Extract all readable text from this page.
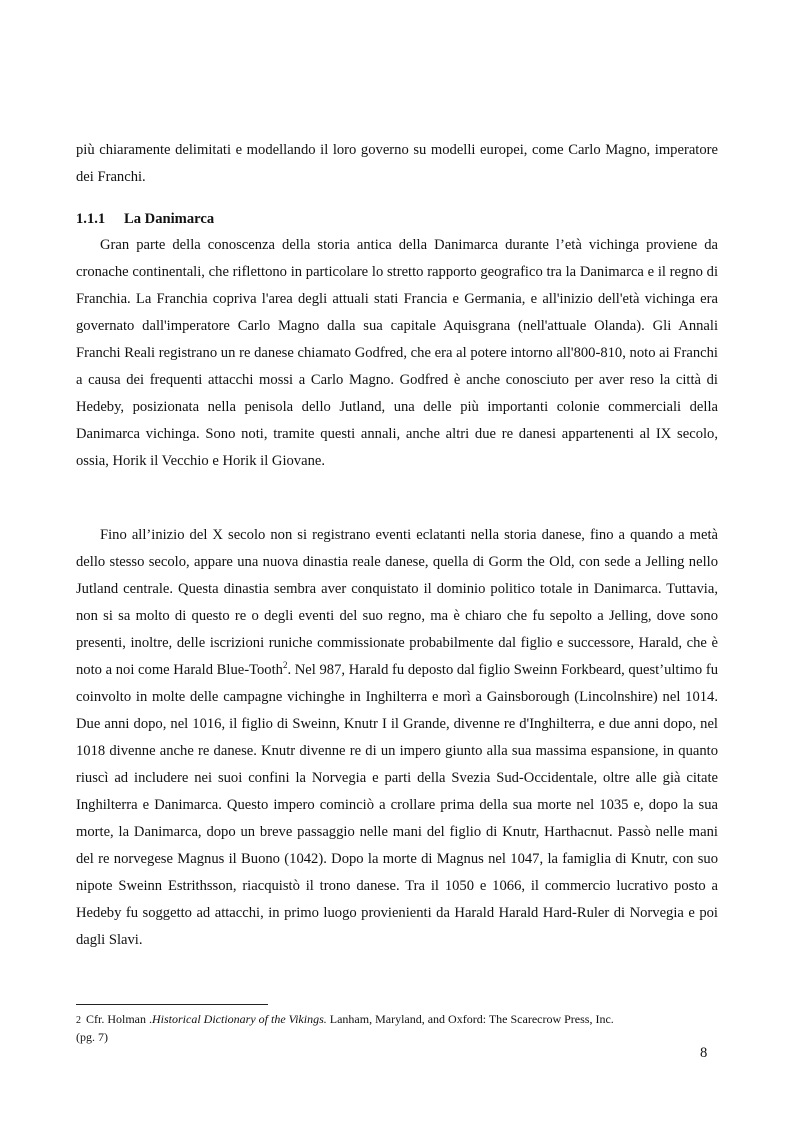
più chiaramente delimitati e modellando il loro governo su modelli europei, come Carlo Magno, imperatore dei Franchi.

1.1.1 La Danimarca

Gran parte della conoscenza della storia antica della Danimarca durante l’età vichinga proviene da cronache continentali, che riflettono in particolare lo stretto rapporto geografico tra la Danimarca e il regno di Franchia. La Franchia copriva l'area degli attuali stati Francia e Germania, e all'inizio dell'età vichinga era governato dall'imperatore Carlo Magno dalla sua capitale Aquisgrana (nell'attuale Olanda). Gli Annali Franchi Reali registrano un re danese chiamato Godfred, che era al potere intorno all'800-810, noto ai Franchi a causa dei frequenti attacchi mossi a Carlo Magno. Godfred è anche conosciuto per aver reso la città di Hedeby, posizionata nella penisola dello Jutland, una delle più importanti colonie commerciali della Danimarca vichinga. Sono noti, tramite questi annali, anche altri due re danesi appartenenti al IX secolo, ossia, Horik il Vecchio e Horik il Giovane.

Fino all’inizio del X secolo non si registrano eventi eclatanti nella storia danese, fino a quando a metà dello stesso secolo, appare una nuova dinastia reale danese, quella di Gorm the Old, con sede a Jelling nello Jutland centrale. Questa dinastia sembra aver conquistato il dominio politico totale in Danimarca. Tuttavia, non si sa molto di questo re o degli eventi del suo regno, ma è chiaro che fu sepolto a Jelling, dove sono presenti, inoltre, delle iscrizioni runiche commissionate probabilmente dal figlio e successore, Harald, che è noto a noi come Harald Blue-Tooth$^2$. Nel 987, Harald fu deposto dal figlio Sweinn Forkbeard, quest’ultimo fu coinvolto in molte delle campagne vichinghe in Inghilterra e morì a Gainsborough (Lincolnshire) nel 1014. Due anni dopo, nel 1016, il figlio di Sweinn, Knutr I il Grande, divenne re d'Inghilterra, e due anni dopo, nel 1018 divenne anche re danese. Knutr divenne re di un impero giunto alla sua massima espansione, in quanto riuscì ad includere nei suoi confini la Norvegia e parti della Svezia Sud-Occidentale, oltre alle già citate Inghilterra e Danimarca. Questo impero cominciò a crollare prima della sua morte nel 1035 e, dopo la sua morte, la Danimarca, dopo un breve passaggio nelle mani del figlio di Knutr, Harthacnut. Passò nelle mani del re norvegese Magnus il Buono (1042). Dopo la morte di Magnus nel 1047, la famiglia di Knutr, con suo nipote Sweinn Estrithsson, riacquistò il trono danese. Tra il 1050 e 1066, il commercio lucrativo posto a Hedeby fu soggetto ad attacchi, in primo luogo provienienti da Harald Harald Hard-Ruler di Norvegia e poi dagli Slavi.

2 Cfr. Holman .Historical Dictionary of the Vikings. Lanham, Maryland, and Oxford: The Scarecrow Press, Inc.
(pg. 7)

8
